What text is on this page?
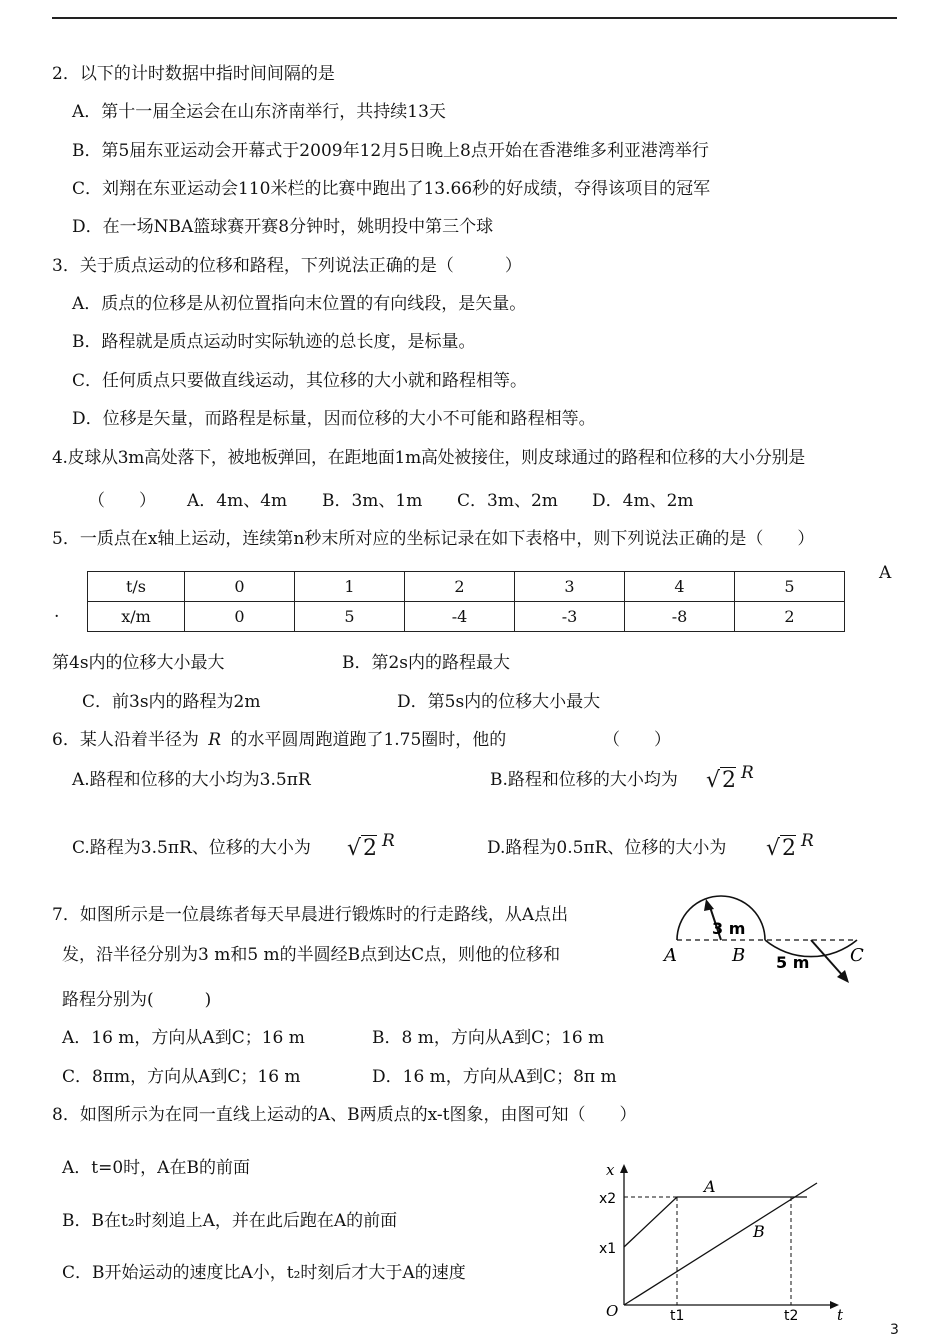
2．以下的计时数据中指时间间隔的是
A．第十一届全运会在山东济南举行，共持续13天
B．第5届东亚运动会开幕式于2009年12月5日晚上8点开始在香港维多利亚港湾举行
C．刘翔在东亚运动会110米栏的比赛中跑出了13.66秒的好成绩，夺得该项目的冠军
D．在一场NBA篮球赛开赛8分钟时，姚明投中第三个球
3．关于质点运动的位移和路程，下列说法正确的是（　　　）
A．质点的位移是从初位置指向末位置的有向线段，是矢量。
B．路程就是质点运动时实际轨迹的总长度，是标量。
C．任何质点只要做直线运动，其位移的大小就和路程相等。
D．位移是矢量，而路程是标量，因而位移的大小不可能和路程相等。
4.皮球从3m高处落下，被地板弹回，在距地面1m高处被接住，则皮球通过的路程和位移的大小分别是
（　　） A．4m、4m B．3m、1m C．3m、2m D．4m、2m
5．一质点在x轴上运动，连续第n秒末所对应的坐标记录在如下表格中，则下列说法正确的是（　　）
A
.
t/s	0	1	2	3	4	5
x/m	0	5	-4	-3	-8	2
第4s内的位移大小最大	B．第2s内的路程最大
C．前3s内的路程为2m	D．第5s内的位移大小最大
6．某人沿着半径为 R 的水平圆周跑道跑了1.75圈时，他的	（　　）
A.路程和位移的大小均为3.5πR	B.路程和位移的大小均为 √2 R
C.路程为3.5πR、位移的大小为 √2 R	D.路程为0.5πR、位移的大小为 √2 R
7．如图所示是一位晨练者每天早晨进行锻炼时的行走路线，从A点出
发，沿半径分别为3 m和5 m的半圆经B点到达C点，则他的位移和
路程分别为(　　　)
A．16 m，方向从A到C；16 m	B．8 m，方向从A到C；16 m
C．8πm，方向从A到C；16 m	D．16 m，方向从A到C；8π m
3 m
5 m
A	B	C
8．如图所示为在同一直线上运动的A、B两质点的x-t图象，由图可知（　　）
A．t=0时，A在B的前面
B．B在t₂时刻追上A，并在此后跑在A的前面
C．B开始运动的速度比A小，t₂时刻后才大于A的速度
x
t
O
x2
x1
t1	t2
A
B
3
